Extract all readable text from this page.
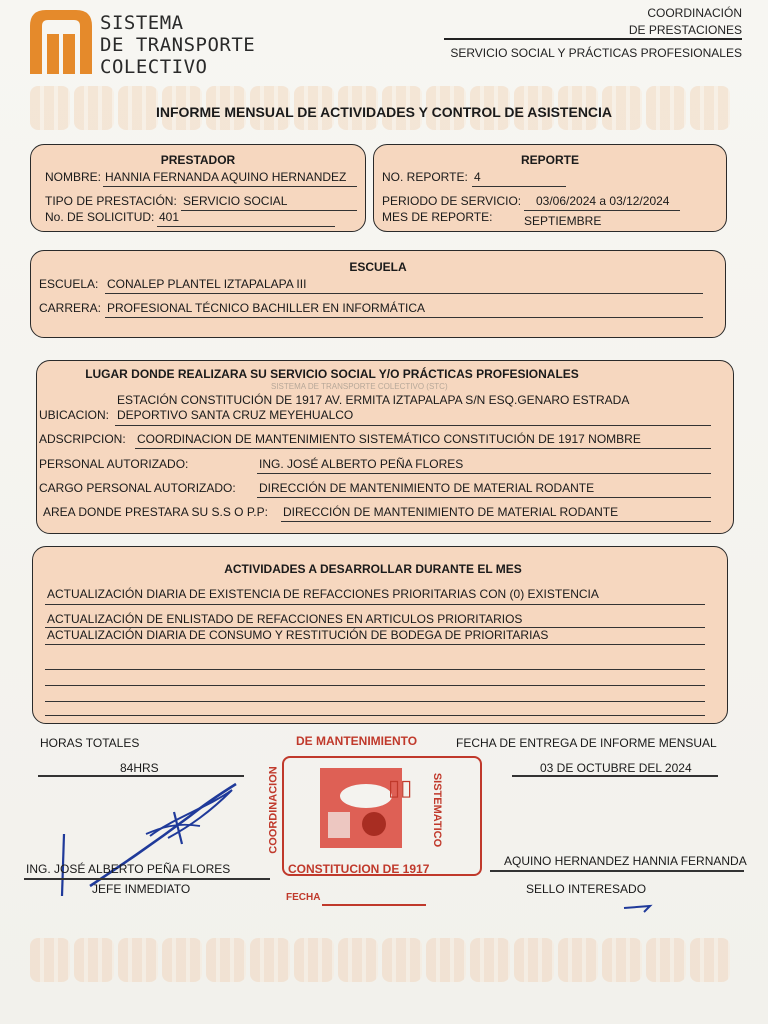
SISTEMA
DE TRANSPORTE
COLECTIVO
COORDINACIÓN
DE PRESTACIONES
SERVICIO SOCIAL Y PRÁCTICAS PROFESIONALES
INFORME MENSUAL DE ACTIVIDADES Y CONTROL DE ASISTENCIA
PRESTADOR
NOMBRE: HANNIA FERNANDA AQUINO HERNANDEZ
TIPO DE PRESTACIÓN: SERVICIO SOCIAL
No. DE SOLICITUD: 401
REPORTE
NO. REPORTE: 4
PERIODO DE SERVICIO: 03/06/2024 a 03/12/2024
MES DE REPORTE:	SEPTIEMBRE
ESCUELA
ESCUELA: CONALEP PLANTEL IZTAPALAPA III
CARRERA: PROFESIONAL TÉCNICO BACHILLER EN INFORMÁTICA
LUGAR DONDE REALIZARA SU SERVICIO SOCIAL Y/O PRÁCTICAS PROFESIONALES
SISTEMA DE TRANSPORTE COLECTIVO (STC)
ESTACIÓN CONSTITUCIÓN DE 1917 AV. ERMITA IZTAPALAPA S/N ESQ.GENARO ESTRADA
UBICACION: DEPORTIVO SANTA CRUZ MEYEHUALCO
ADSCRIPCION: COORDINACION DE MANTENIMIENTO SISTEMÁTICO CONSTITUCIÓN DE 1917 NOMBRE
PERSONAL AUTORIZADO:	ING. JOSÉ ALBERTO PEÑA FLORES
CARGO PERSONAL AUTORIZADO: DIRECCIÓN DE MANTENIMIENTO DE MATERIAL RODANTE
AREA DONDE PRESTARA SU S.S O P.P: DIRECCIÓN DE MANTENIMIENTO DE MATERIAL RODANTE
ACTIVIDADES A DESARROLLAR DURANTE EL MES
ACTUALIZACIÓN DIARIA DE EXISTENCIA DE REFACCIONES PRIORITARIAS CON (0) EXISTENCIA
ACTUALIZACIÓN DE ENLISTADO DE REFACCIONES EN ARTICULOS PRIORITARIOS
ACTUALIZACIÓN DIARIA DE CONSUMO Y RESTITUCIÓN DE BODEGA DE PRIORITARIAS
HORAS TOTALES
84HRS
FECHA DE ENTREGA DE INFORME MENSUAL
03 DE OCTUBRE DEL 2024
ING. JOSÉ ALBERTO PEÑA FLORES
JEFE INMEDIATO
AQUINO HERNANDEZ HANNIA FERNANDA
SELLO INTERESADO
DE MANTENIMIENTO
COORDINACION	SISTEMATICO
▯▯
CONSTITUCION DE 1917
FECHA
